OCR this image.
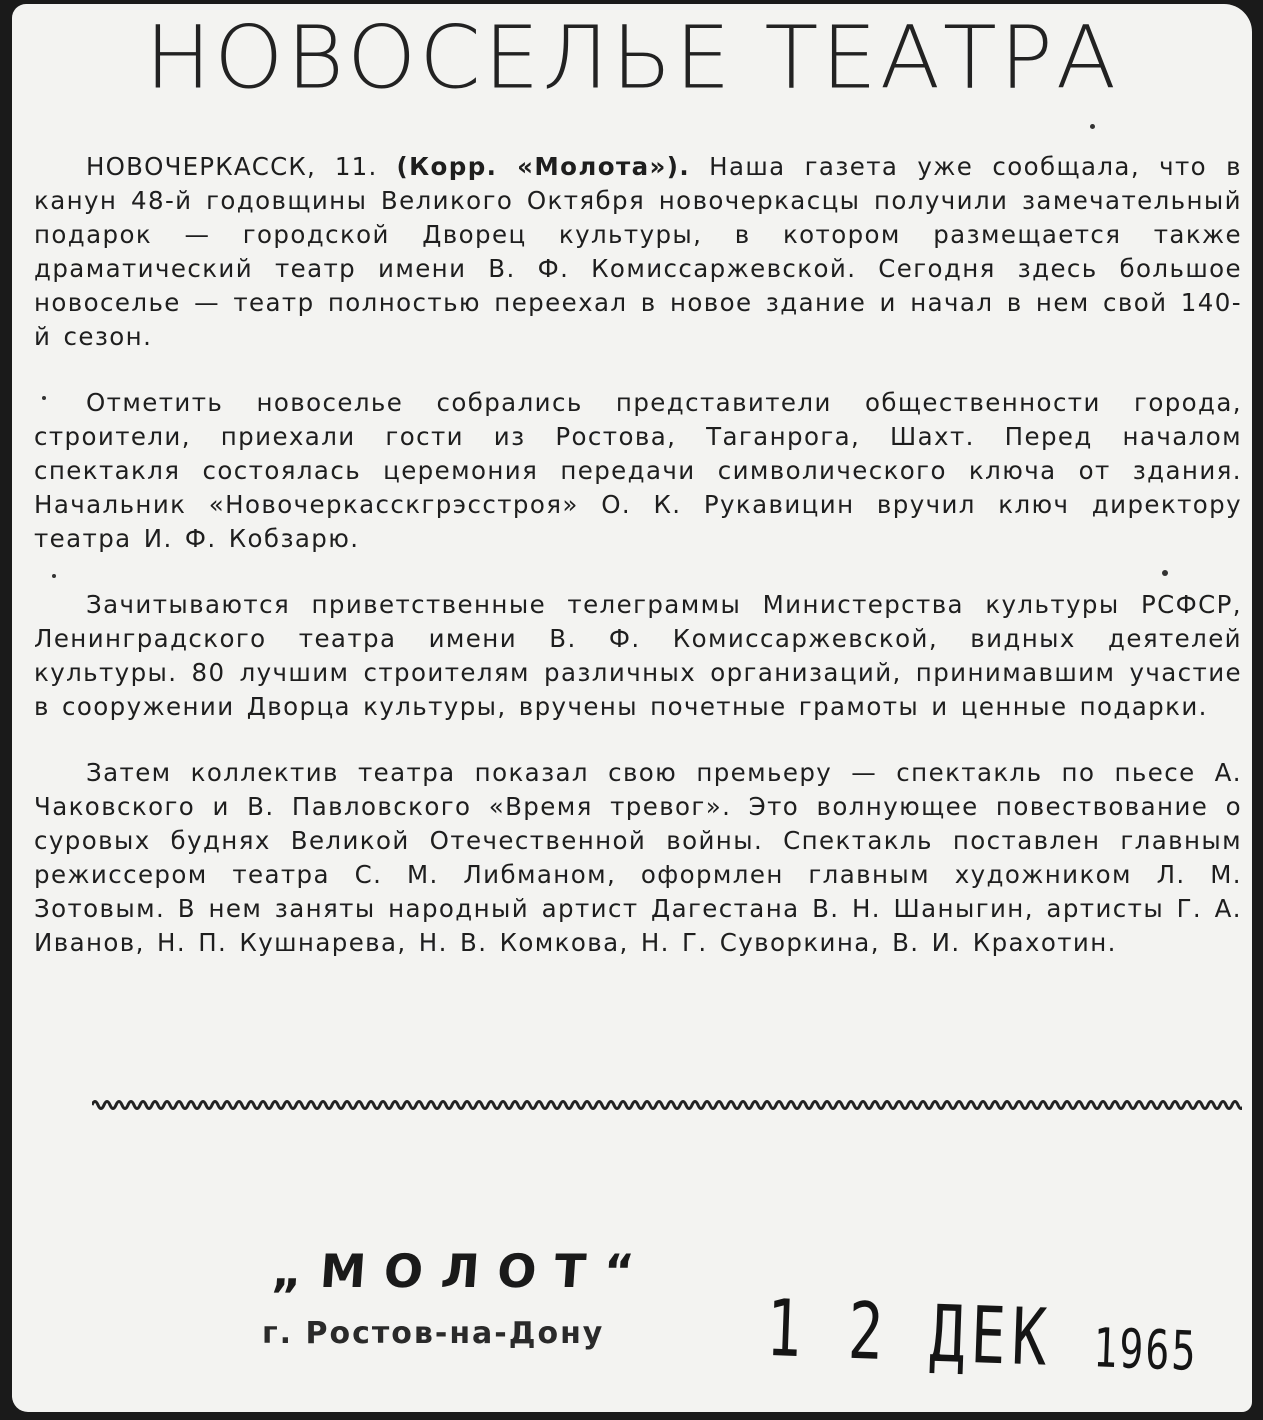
НОВОСЕЛЬЕ ТЕАТРА

НОВОЧЕРКАССК, 11. (Корр. «Молота»). Наша газета уже сообщала, что в канун 48-й годовщины Великого Октября новочеркасцы получили замечательный подарок — городской Дворец культуры, в котором размещается также драматический театр имени В. Ф. Комиссаржевской. Сегодня здесь большое новоселье — театр полностью переехал в новое здание и начал в нем свой 140-й сезон.

Отметить новоселье собрались представители общественности города, строители, приехали гости из Ростова, Таганрога, Шахт. Перед началом спектакля состоялась церемония передачи символического ключа от здания. Начальник «Новочеркасскгрэсстроя» О. К. Рукавицин вручил ключ директору театра И. Ф. Кобзарю.

Зачитываются приветственные телеграммы Министерства культуры РСФСР, Ленинградского театра имени В. Ф. Комиссаржевской, видных деятелей культуры. 80 лучшим строителям различных организаций, принимавшим участие в сооружении Дворца культуры, вручены почетные грамоты и ценные подарки.

Затем коллектив театра показал свою премьеру — спектакль по пьесе А. Чаковского и В. Павловского «Время тревог». Это волнующее повествование о суровых буднях Великой Отечественной войны. Спектакль поставлен главным режиссером театра С. М. Либманом, оформлен главным художником Л. М. Зотовым. В нем заняты народный артист Дагестана В. Н. Шаныгин, артисты Г. А. Иванов, Н. П. Кушнарева, Н. В. Комкова, Н. Г. Суворкина, В. И. Крахотин.

„МОЛОТ“
г. Ростов-на-Дону	1 2 ДЕК 1965
